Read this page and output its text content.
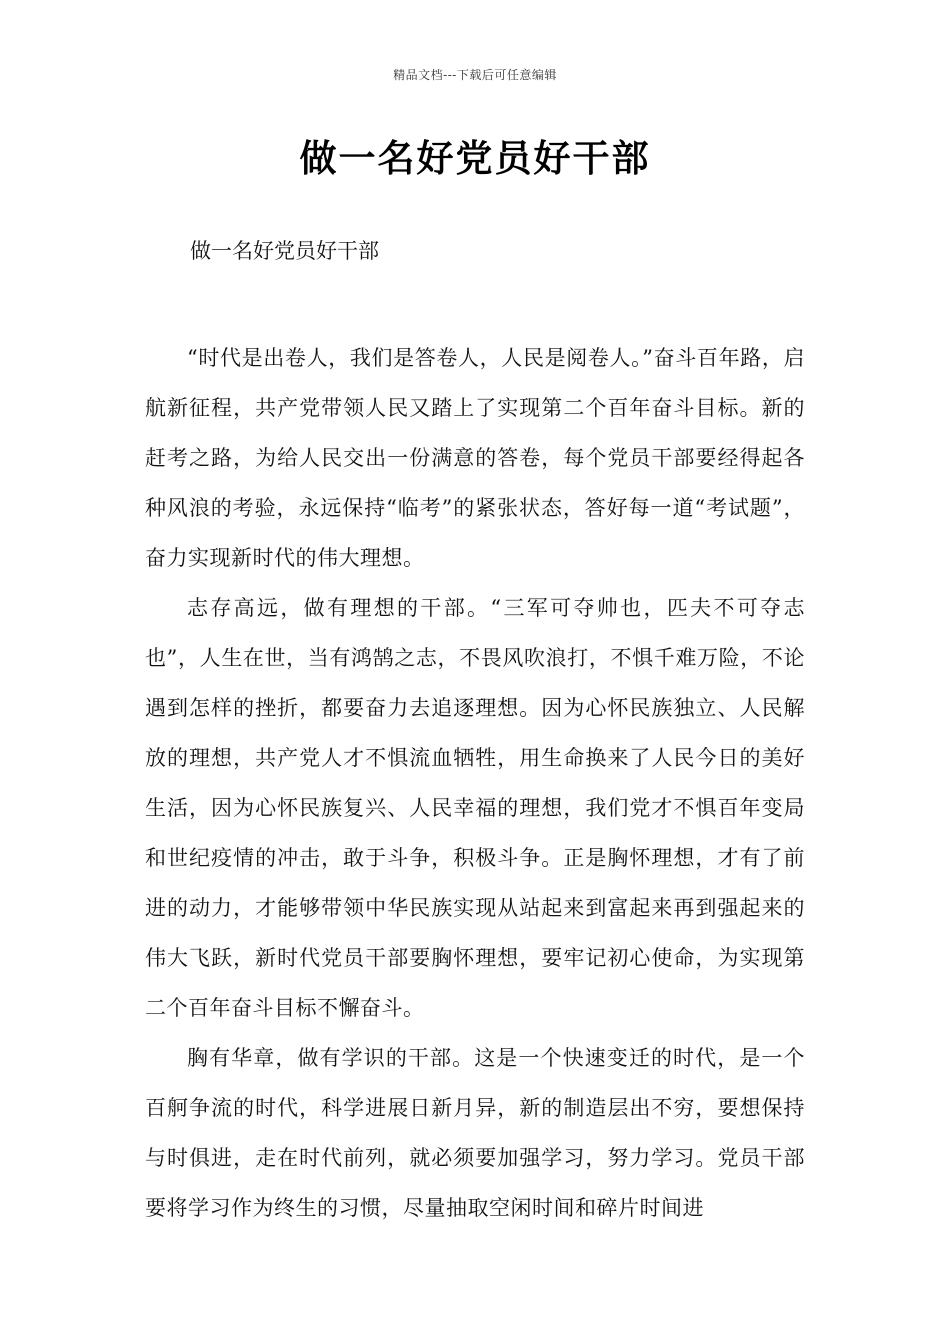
精品文档---下载后可任意编辑
做一名好党员好干部

做一名好党员好干部

“时代是出卷人，我们是答卷人，人民是阅卷人。”奋斗百年路，启航新征程，共产党带领人民又踏上了实现第二个百年奋斗目标。新的赶考之路，为给人民交出一份满意的答卷，每个党员干部要经得起各种风浪的考验，永远保持“临考”的紧张状态，答好每一道“考试题”，奋力实现新时代的伟大理想。

志存高远，做有理想的干部。“三军可夺帅也，匹夫不可夺志也”，人生在世，当有鸿鹄之志，不畏风吹浪打，不惧千难万险，不论遇到怎样的挫折，都要奋力去追逐理想。因为心怀民族独立、人民解放的理想，共产党人才不惧流血牺牲，用生命换来了人民今日的美好生活，因为心怀民族复兴、人民幸福的理想，我们党才不惧百年变局和世纪疫情的冲击，敢于斗争，积极斗争。正是胸怀理想，才有了前进的动力，才能够带领中华民族实现从站起来到富起来再到强起来的伟大飞跃，新时代党员干部要胸怀理想，要牢记初心使命，为实现第二个百年奋斗目标不懈奋斗。

胸有华章，做有学识的干部。这是一个快速变迁的时代，是一个百舸争流的时代，科学进展日新月异，新的制造层出不穷，要想保持与时俱进，走在时代前列，就必须要加强学习，努力学习。党员干部要将学习作为终生的习惯，尽量抽取空闲时间和碎片时间进
